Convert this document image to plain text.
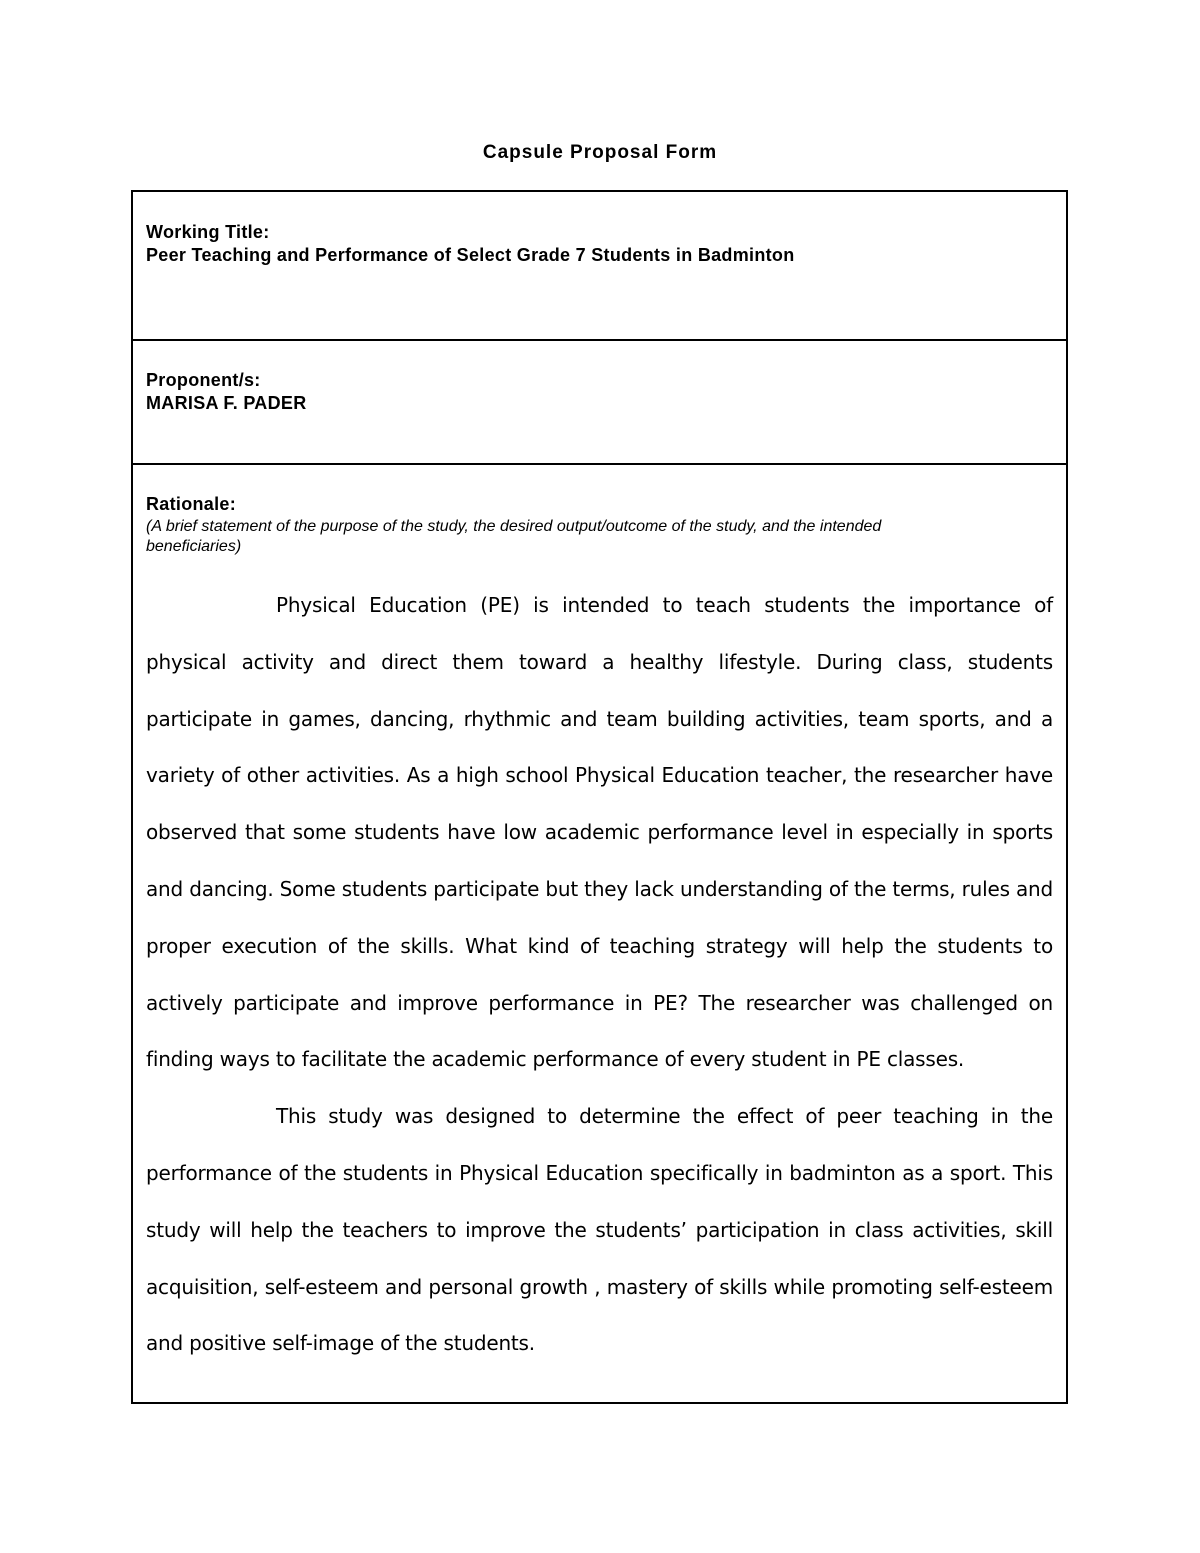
Capsule Proposal Form
Working Title:
Peer Teaching and Performance of Select Grade 7 Students in Badminton
Proponent/s:
MARISA F. PADER
Rationale:
(A brief statement of the purpose of the study, the desired output/outcome of the study, and the intended beneficiaries)

Physical Education (PE) is intended to teach students the importance of physical activity and direct them toward a healthy lifestyle. During class, students participate in games, dancing, rhythmic and team building activities, team sports, and a variety of other activities. As a high school Physical Education teacher, the researcher have observed that some students have low academic performance level in especially in sports and dancing. Some students participate but they lack understanding of the terms, rules and proper execution of the skills. What kind of teaching strategy will help the students to actively participate and improve performance in PE? The researcher was challenged on finding ways to facilitate the academic performance of every student in PE classes.

This study was designed to determine the effect of peer teaching in the performance of the students in Physical Education specifically in badminton as a sport. This study will help the teachers to improve the students’ participation in class activities, skill acquisition, self-esteem and personal growth , mastery of skills while promoting self-esteem and positive self-image of the students.
